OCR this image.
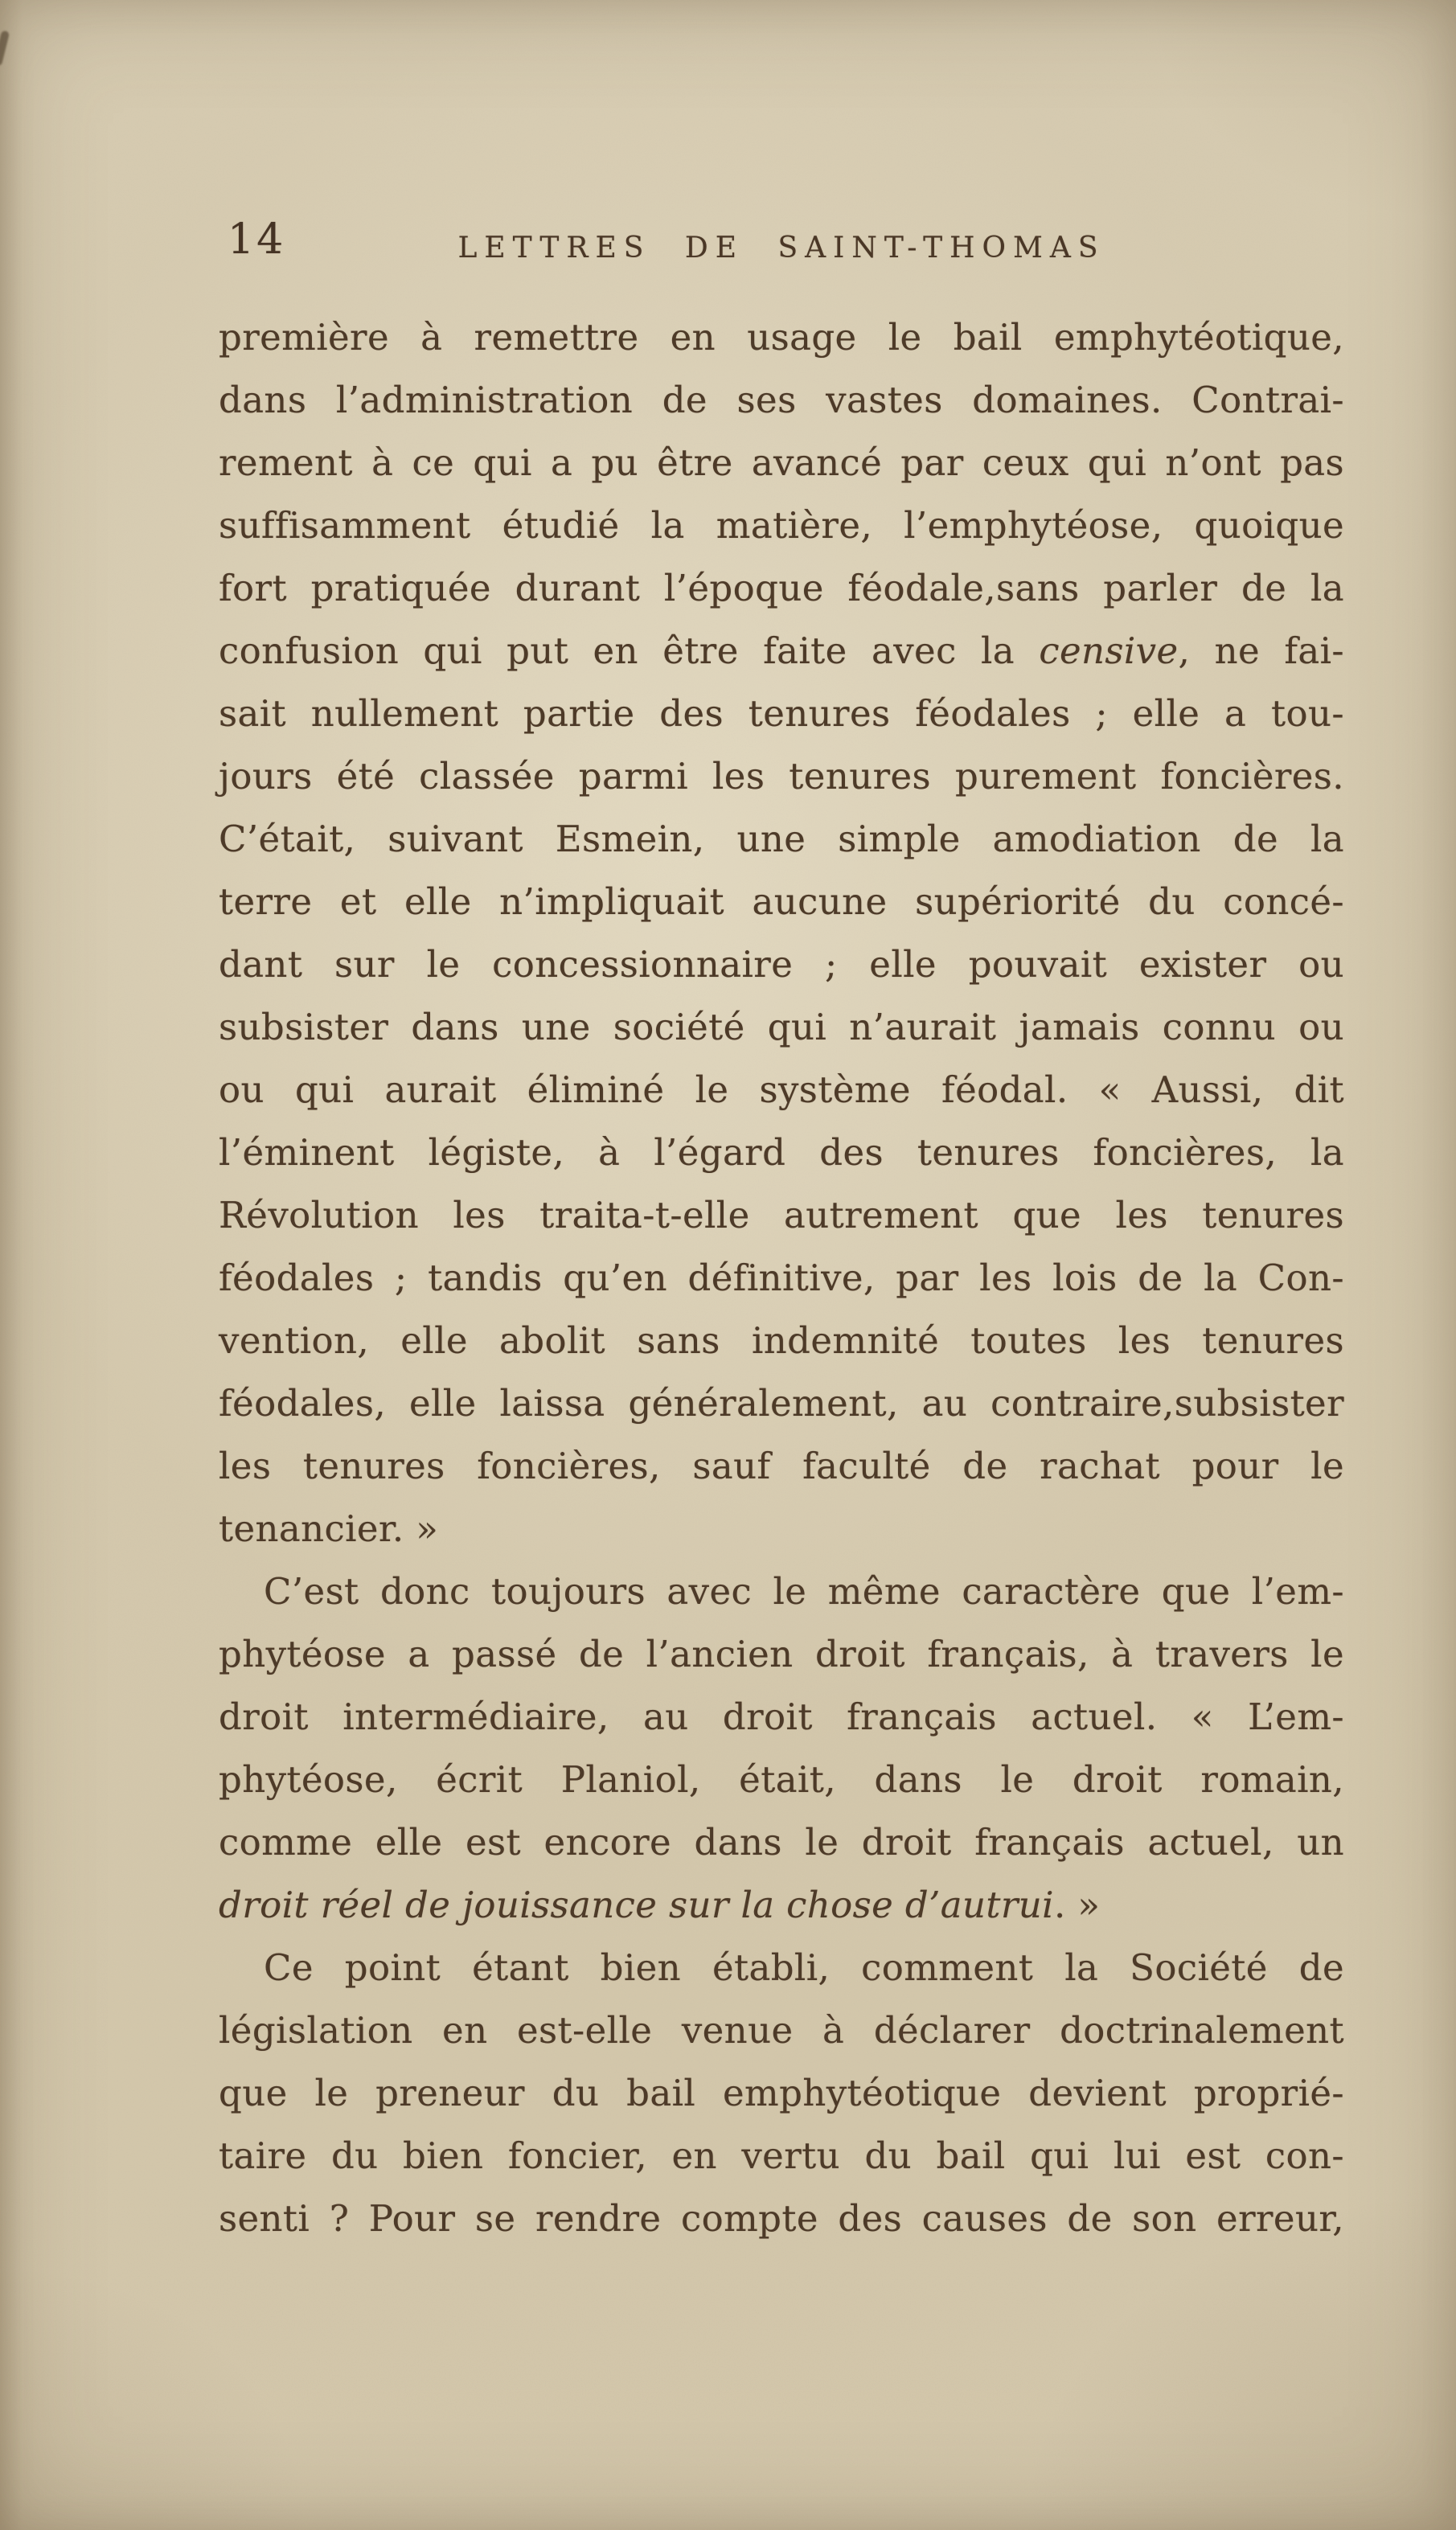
14	LETTRES DE SAINT-THOMAS
première à remettre en usage le bail emphytéotique,
dans l’administration de ses vastes domaines. Contrai-
rement à ce qui a pu être avancé par ceux qui n’ont pas
suffisamment étudié la matière, l’emphytéose, quoique
fort pratiquée durant l’époque féodale,sans parler de la
confusion qui put en être faite avec la censive, ne fai-
sait nullement partie des tenures féodales ; elle a tou-
jours été classée parmi les tenures purement foncières.
C’était, suivant Esmein, une simple amodiation de la
terre et elle n’impliquait aucune supériorité du concé-
dant sur le concessionnaire ; elle pouvait exister ou
subsister dans une société qui n’aurait jamais connu ou
ou qui aurait éliminé le système féodal. « Aussi, dit
l’éminent légiste, à l’égard des tenures foncières, la
Révolution les traita-t-elle autrement que les tenures
féodales ; tandis qu’en définitive, par les lois de la Con-
vention, elle abolit sans indemnité toutes les tenures
féodales, elle laissa généralement, au contraire,subsister
les tenures foncières, sauf faculté de rachat pour le
tenancier. »
C’est donc toujours avec le même caractère que l’em-
phytéose a passé de l’ancien droit français, à travers le
droit intermédiaire, au droit français actuel. « L’em-
phytéose, écrit Planiol, était, dans le droit romain,
comme elle est encore dans le droit français actuel, un
droit réel de jouissance sur la chose d’autrui. »
Ce point étant bien établi, comment la Société de
législation en est-elle venue à déclarer doctrinalement
que le preneur du bail emphytéotique devient proprié-
taire du bien foncier, en vertu du bail qui lui est con-
senti ? Pour se rendre compte des causes de son erreur,
